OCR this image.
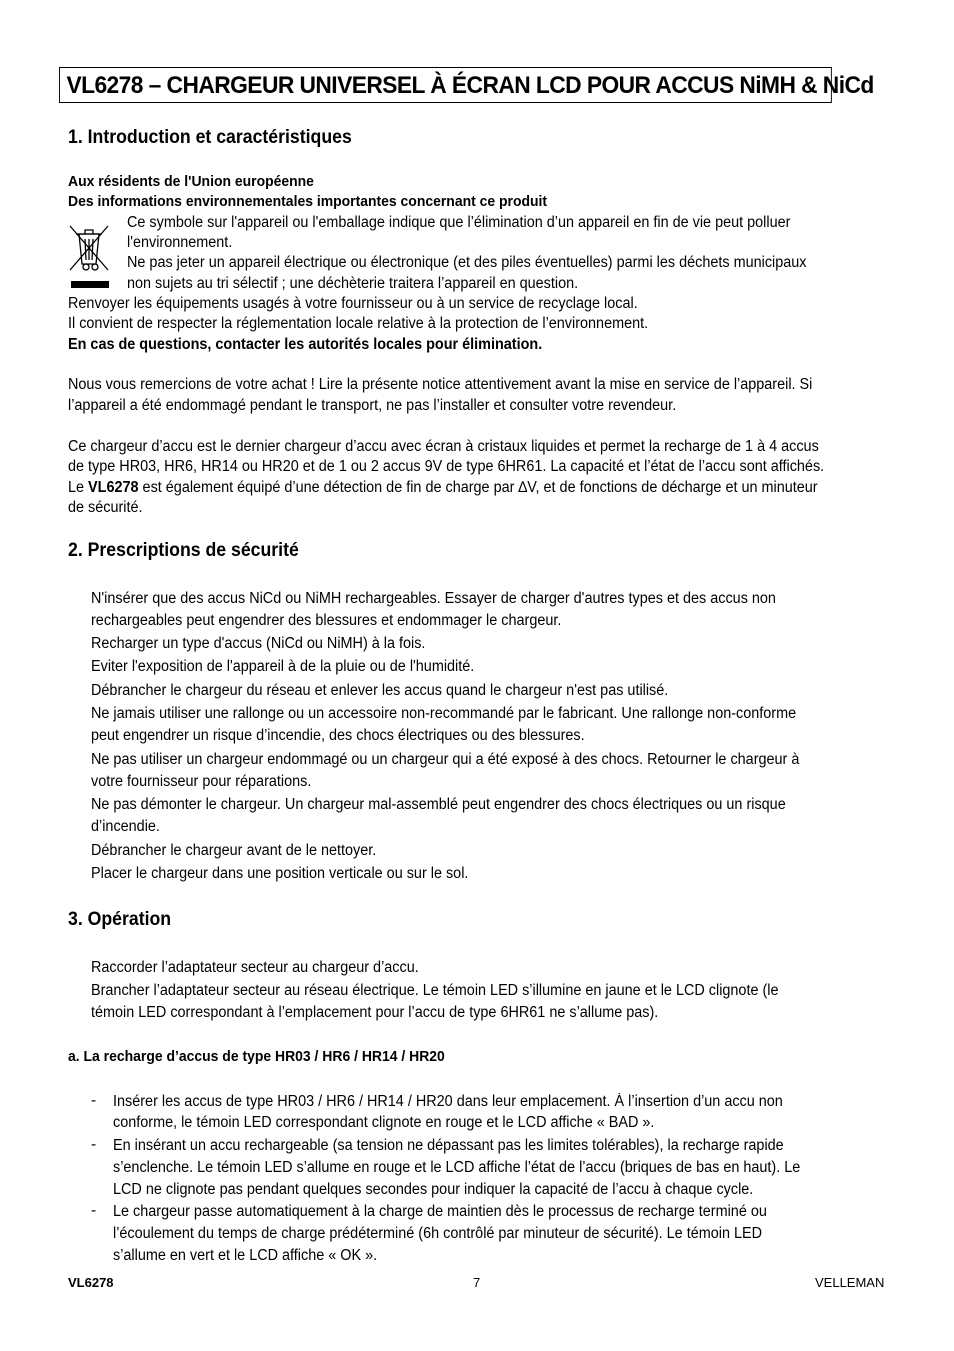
VL6278 – CHARGEUR UNIVERSEL À ÉCRAN LCD POUR ACCUS NiMH & NiCd
1. Introduction et caractéristiques
Aux résidents de l'Union européenne
Des informations environnementales importantes concernant ce produit
Ce symbole sur l'appareil ou l'emballage indique que l’élimination d’un appareil en fin de vie peut polluer
l'environnement.
Ne pas jeter un appareil électrique ou électronique (et des piles éventuelles) parmi les déchets municipaux
non sujets au tri sélectif ; une déchèterie traitera l’appareil en question.
Renvoyer les équipements usagés à votre fournisseur ou à un service de recyclage local.
Il convient de respecter la réglementation locale relative à la protection de l’environnement.
En cas de questions, contacter les autorités locales pour élimination.
Nous vous remercions de votre achat ! Lire la présente notice attentivement avant la mise en service de l’appareil. Si
l’appareil a été endommagé pendant le transport, ne pas l’installer et consulter votre revendeur.
Ce chargeur d’accu est le dernier chargeur d’accu avec écran à cristaux liquides et permet la recharge de 1 à 4 accus
de type HR03, HR6, HR14 ou HR20 et de 1 ou 2 accus 9V de type 6HR61. La capacité et l’état de l’accu sont affichés.
Le VL6278 est également équipé d’une détection de fin de charge par ∆V, et de fonctions de décharge et un minuteur
de sécurité.
2. Prescriptions de sécurité
N'insérer que des accus NiCd ou NiMH rechargeables. Essayer de charger d'autres types et des accus non
rechargeables peut engendrer des blessures et endommager le chargeur.
Recharger un type d'accus (NiCd ou NiMH) à la fois.
Eviter l'exposition de l'appareil à de la pluie ou de l'humidité.
Débrancher le chargeur du réseau et enlever les accus quand le chargeur n'est pas utilisé.
Ne jamais utiliser une rallonge ou un accessoire non-recommandé par le fabricant. Une rallonge non-conforme
peut engendrer un risque d’incendie, des chocs électriques ou des blessures.
Ne pas utiliser un chargeur endommagé ou un chargeur qui a été exposé à des chocs. Retourner le chargeur à
votre fournisseur pour réparations.
Ne pas démonter le chargeur. Un chargeur mal-assemblé peut engendrer des chocs électriques ou un risque
d’incendie.
Débrancher le chargeur avant de le nettoyer.
Placer le chargeur dans une position verticale ou sur le sol.
3. Opération
Raccorder l’adaptateur secteur au chargeur d’accu.
Brancher l’adaptateur secteur au réseau électrique. Le témoin LED s’illumine en jaune et le LCD clignote (le
témoin LED correspondant à l’emplacement pour l’accu de type 6HR61 ne s’allume pas).
a. La recharge d’accus de type HR03 / HR6 / HR14 / HR20
- Insérer les accus de type HR03 / HR6 / HR14 / HR20 dans leur emplacement. À l’insertion d’un accu non
conforme, le témoin LED correspondant clignote en rouge et le LCD affiche « BAD ».
- En insérant un accu rechargeable (sa tension ne dépassant pas les limites tolérables), la recharge rapide
s’enclenche. Le témoin LED s’allume en rouge et le LCD affiche l’état de l’accu (briques de bas en haut). Le
LCD ne clignote pas pendant quelques secondes pour indiquer la capacité de l’accu à chaque cycle.
- Le chargeur passe automatiquement à la charge de maintien dès le processus de recharge terminé ou
l’écoulement du temps de charge prédéterminé (6h contrôlé par minuteur de sécurité). Le témoin LED
s’allume en vert et le LCD affiche « OK ».
VL6278	7	VELLEMAN
